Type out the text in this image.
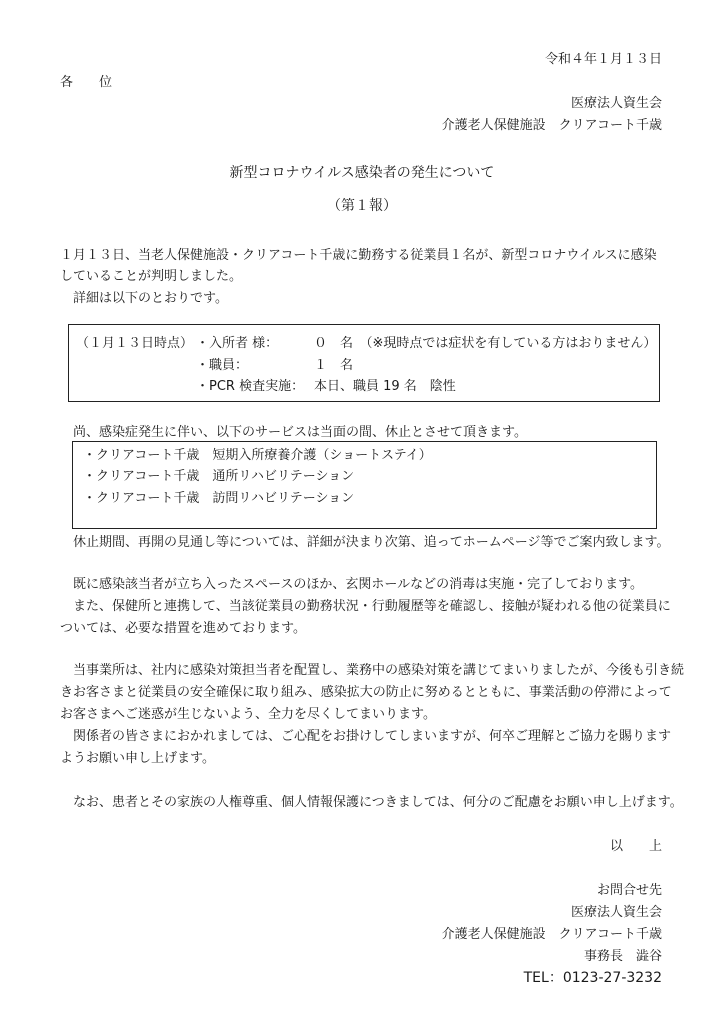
令和４年１月１３日
各　　位
医療法人資生会
介護老人保健施設　クリアコート千歳
新型コロナウイルス感染者の発生について
（第１報）
１月１３日、当老人保健施設・クリアコート千歳に勤務する従業員１名が、新型コロナウイルスに感染
していることが判明しました。
詳細は以下のとおりです。
（１月１３日時点） ・入所者 様：	０　名　（※現時点では症状を有している方はおりません）
・職員：	１　名
・PCR 検査実施： 本日、職員 19 名　陰性
尚、感染症発生に伴い、以下のサービスは当面の間、休止とさせて頂きます。
・クリアコート千歳　短期入所療養介護（ショートステイ）
・クリアコート千歳　通所リハビリテーション
・クリアコート千歳　訪問リハビリテーション
休止期間、再開の見通し等については、詳細が決まり次第、追ってホームページ等でご案内致します。
既に感染該当者が立ち入ったスペースのほか、玄関ホールなどの消毒は実施・完了しております。
また、保健所と連携して、当該従業員の勤務状況・行動履歴等を確認し、接触が疑われる他の従業員に
ついては、必要な措置を進めております。
当事業所は、社内に感染対策担当者を配置し、業務中の感染対策を講じてまいりましたが、今後も引き続
きお客さまと従業員の安全確保に取り組み、感染拡大の防止に努めるとともに、事業活動の停滞によって
お客さまへご迷惑が生じないよう、全力を尽くしてまいります。
関係者の皆さまにおかれましては、ご心配をお掛けしてしまいますが、何卒ご理解とご協力を賜ります
ようお願い申し上げます。
なお、患者とその家族の人権尊重、個人情報保護につきましては、何分のご配慮をお願い申し上げます。
以　　上
お問合せ先
医療法人資生会
介護老人保健施設　クリアコート千歳
事務長　澁谷
TEL：0123-27-3232
